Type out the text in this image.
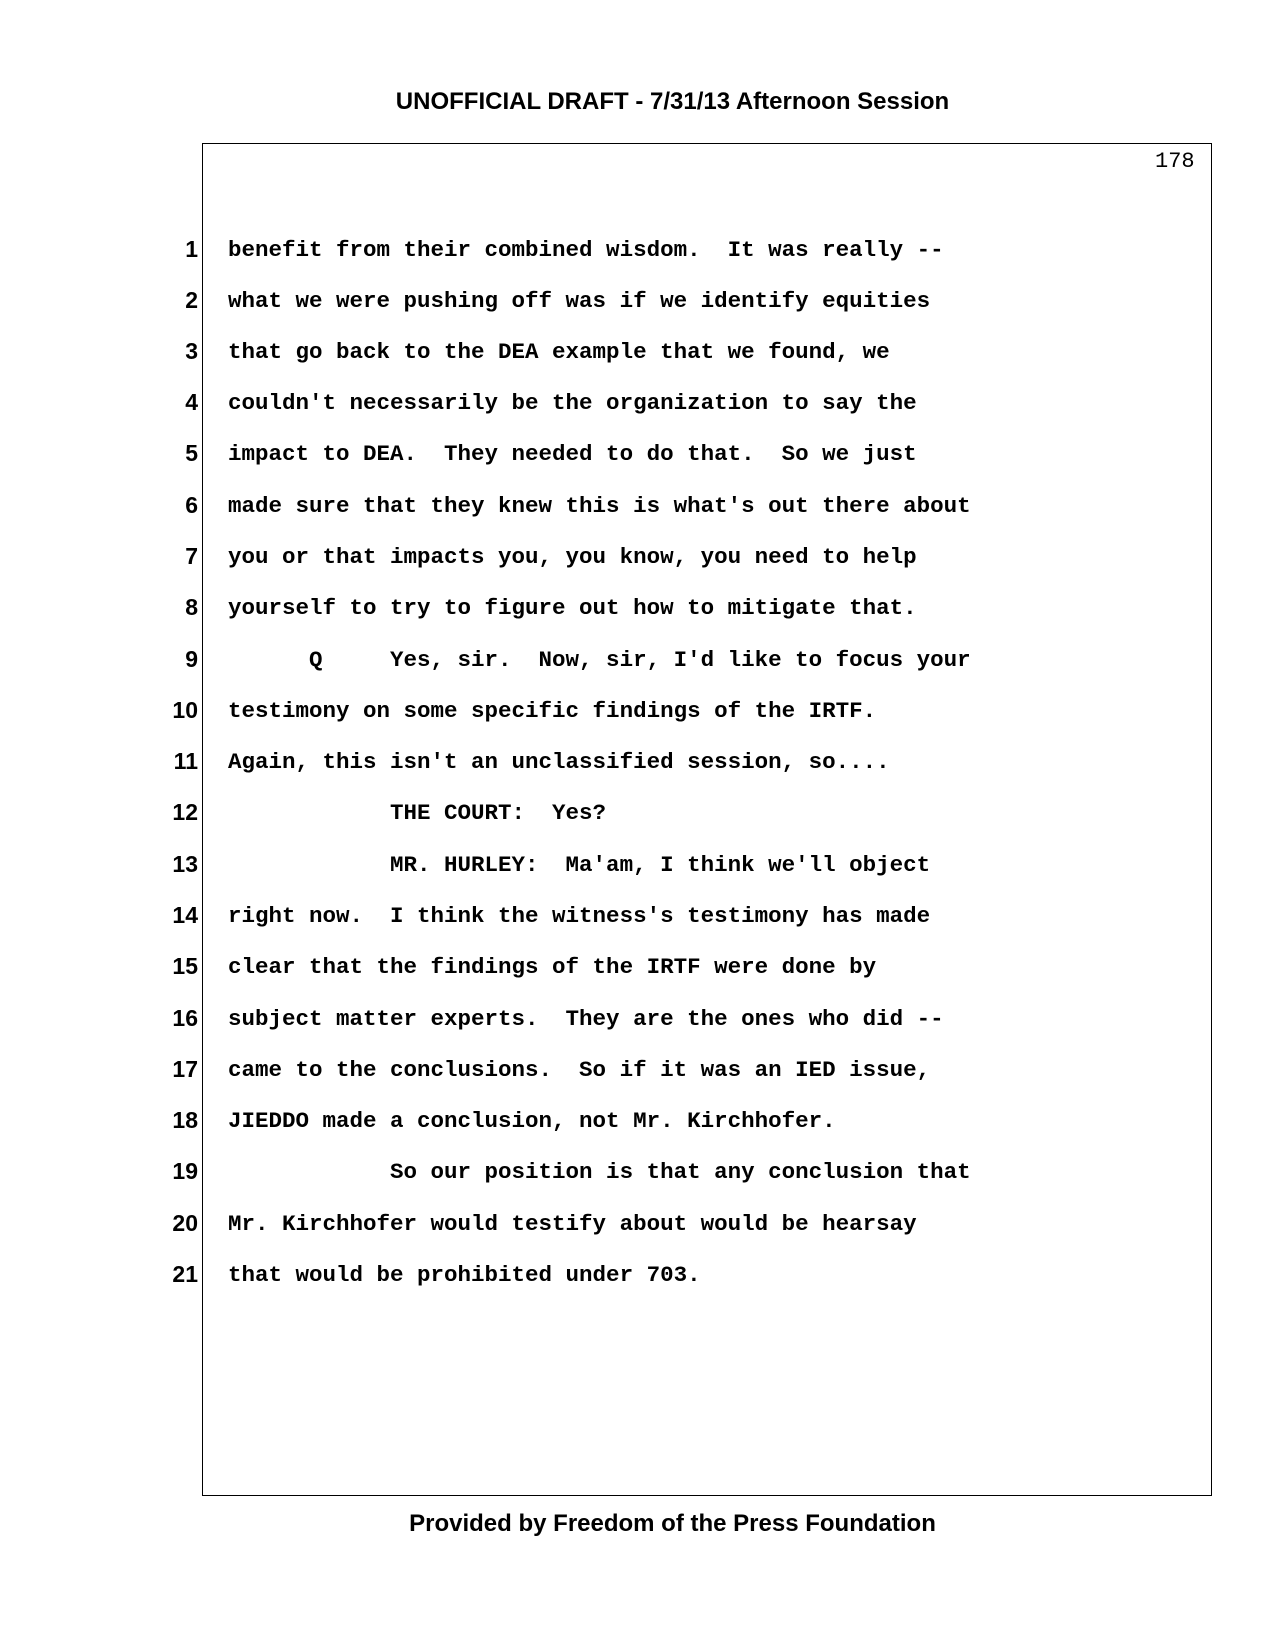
UNOFFICIAL DRAFT - 7/31/13 Afternoon Session
178
1 benefit from their combined wisdom.  It was really --
2 what we were pushing off was if we identify equities
3 that go back to the DEA example that we found, we
4 couldn't necessarily be the organization to say the
5 impact to DEA.  They needed to do that.  So we just
6 made sure that they knew this is what's out there about
7 you or that impacts you, you know, you need to help
8 yourself to try to figure out how to mitigate that.
9 Q     Yes, sir.  Now, sir, I'd like to focus your
10 testimony on some specific findings of the IRTF.
11 Again, this isn't an unclassified session, so....
12 THE COURT:  Yes?
13 MR. HURLEY:  Ma'am, I think we'll object
14 right now.  I think the witness's testimony has made
15 clear that the findings of the IRTF were done by
16 subject matter experts.  They are the ones who did --
17 came to the conclusions.  So if it was an IED issue,
18 JIEDDO made a conclusion, not Mr. Kirchhofer.
19 So our position is that any conclusion that
20 Mr. Kirchhofer would testify about would be hearsay
21 that would be prohibited under 703.
Provided by Freedom of the Press Foundation
